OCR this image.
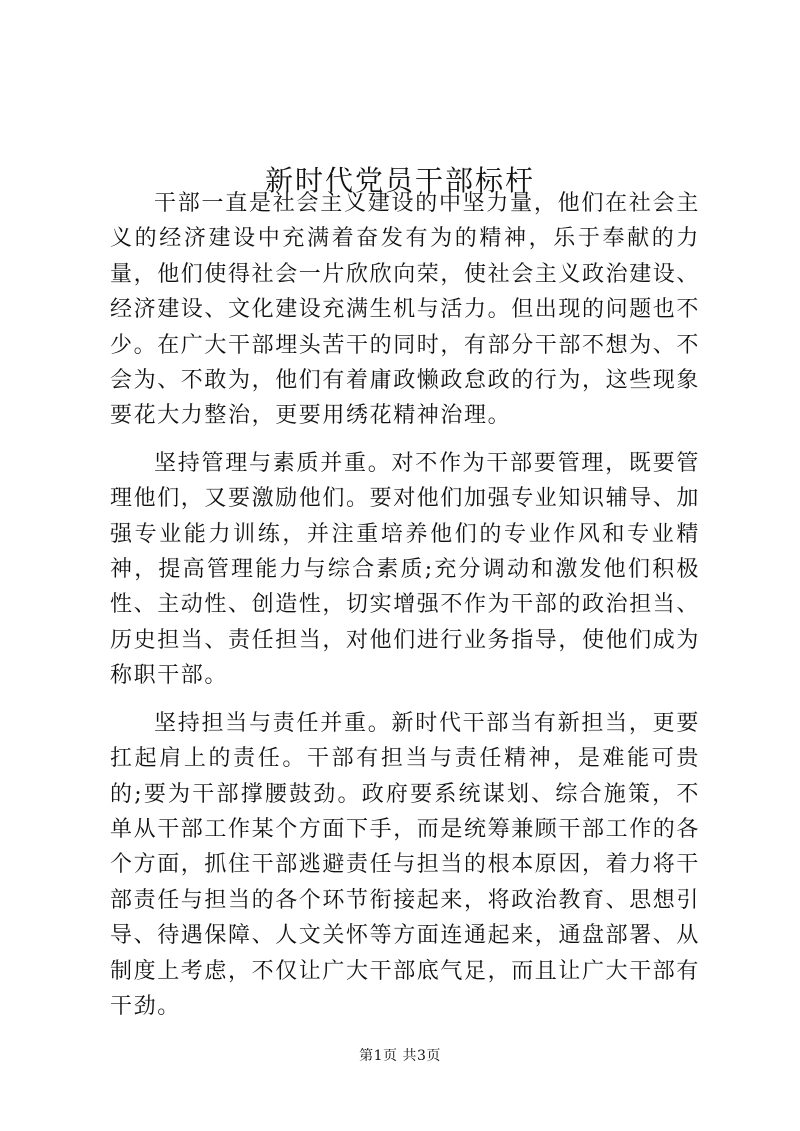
新时代党员干部标杆

干部一直是社会主义建设的中坚力量，他们在社会主义的经济建设中充满着奋发有为的精神，乐于奉献的力量，他们使得社会一片欣欣向荣，使社会主义政治建设、经济建设、文化建设充满生机与活力。但出现的问题也不少。在广大干部埋头苦干的同时，有部分干部不想为、不会为、不敢为，他们有着庸政懒政怠政的行为，这些现象要花大力整治，更要用绣花精神治理。

坚持管理与素质并重。对不作为干部要管理，既要管理他们，又要激励他们。要对他们加强专业知识辅导、加强专业能力训练，并注重培养他们的专业作风和专业精神，提高管理能力与综合素质;充分调动和激发他们积极性、主动性、创造性，切实增强不作为干部的政治担当、历史担当、责任担当，对他们进行业务指导，使他们成为称职干部。

坚持担当与责任并重。新时代干部当有新担当，更要扛起肩上的责任。干部有担当与责任精神，是难能可贵的;要为干部撑腰鼓劲。政府要系统谋划、综合施策，不单从干部工作某个方面下手，而是统筹兼顾干部工作的各个方面，抓住干部逃避责任与担当的根本原因，着力将干部责任与担当的各个环节衔接起来，将政治教育、思想引导、待遇保障、人文关怀等方面连通起来，通盘部署、从制度上考虑，不仅让广大干部底气足，而且让广大干部有干劲。

第1页 共3页
